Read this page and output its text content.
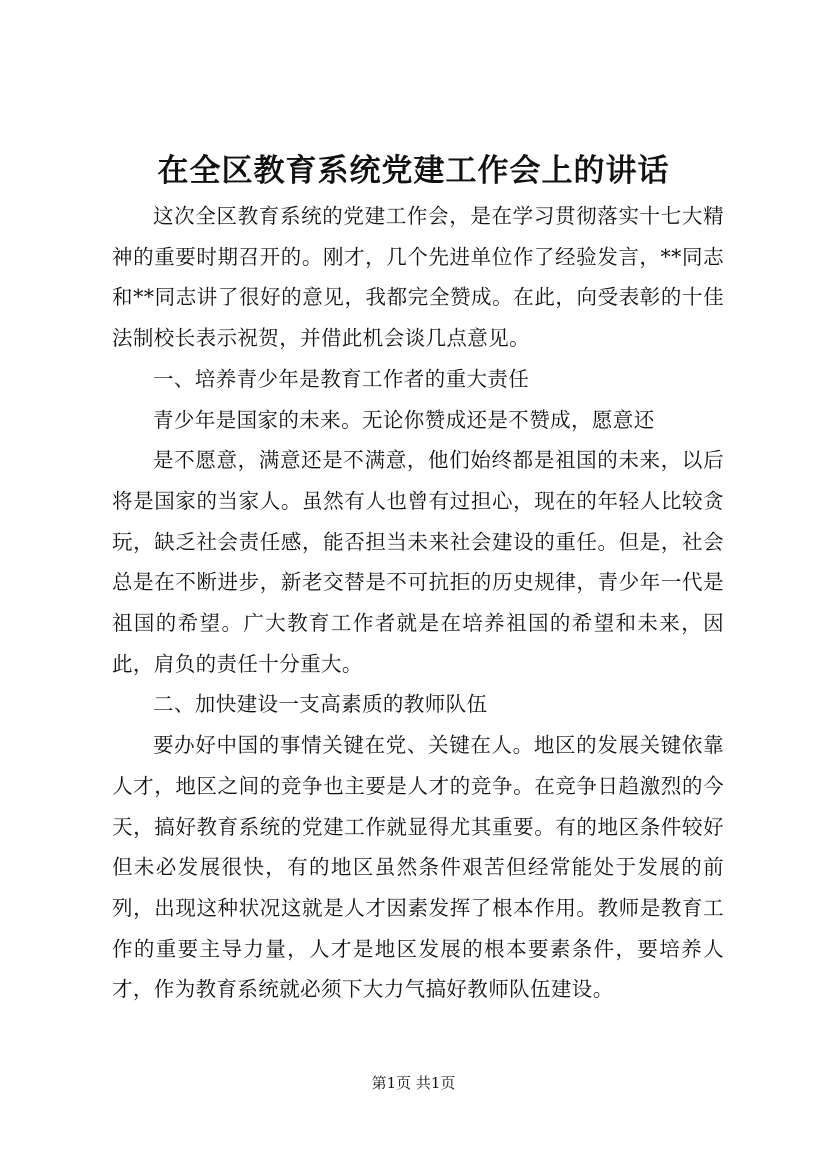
在全区教育系统党建工作会上的讲话

这次全区教育系统的党建工作会，是在学习贯彻落实十七大精神的重要时期召开的。刚才，几个先进单位作了经验发言，**同志和**同志讲了很好的意见，我都完全赞成。在此，向受表彰的十佳法制校长表示祝贺，并借此机会谈几点意见。

一、培养青少年是教育工作者的重大责任

青少年是国家的未来。无论你赞成还是不赞成，愿意还

是不愿意，满意还是不满意，他们始终都是祖国的未来，以后将是国家的当家人。虽然有人也曾有过担心，现在的年轻人比较贪玩，缺乏社会责任感，能否担当未来社会建设的重任。但是，社会总是在不断进步，新老交替是不可抗拒的历史规律，青少年一代是祖国的希望。广大教育工作者就是在培养祖国的希望和未来，因此，肩负的责任十分重大。

二、加快建设一支高素质的教师队伍

要办好中国的事情关键在党、关键在人。地区的发展关键依靠人才，地区之间的竞争也主要是人才的竞争。在竞争日趋激烈的今天，搞好教育系统的党建工作就显得尤其重要。有的地区条件较好但未必发展很快，有的地区虽然条件艰苦但经常能处于发展的前列，出现这种状况这就是人才因素发挥了根本作用。教师是教育工作的重要主导力量，人才是地区发展的根本要素条件，要培养人才，作为教育系统就必须下大力气搞好教师队伍建设。

第1页 共1页
